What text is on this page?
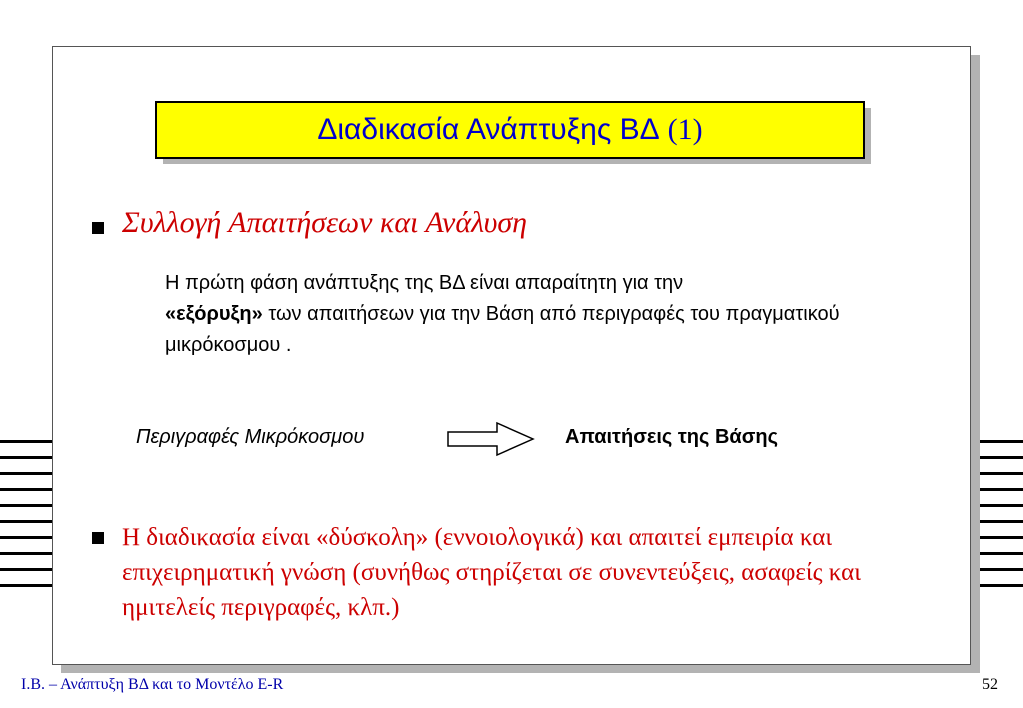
Διαδικασία Ανάπτυξης ΒΔ (1)
Συλλογή Απαιτήσεων και Ανάλυση
Η πρώτη φάση ανάπτυξης της ΒΔ είναι απαραίτητη για την
«εξόρυξη» των απαιτήσεων για την Βάση από περιγραφές του πραγματικού μικρόκοσμου .
Περιγραφές Μικρόκοσμου	Απαιτήσεις της Βάσης
Η διαδικασία είναι «δύσκολη» (εννοιολογικά) και απαιτεί εμπειρία και επιχειρηματική γνώση (συνήθως στηρίζεται σε συνεντεύξεις, ασαφείς και ημιτελείς περιγραφές, κλπ.)
Ι.Β. – Ανάπτυξη ΒΔ και το Μοντέλο Ε-R	52
